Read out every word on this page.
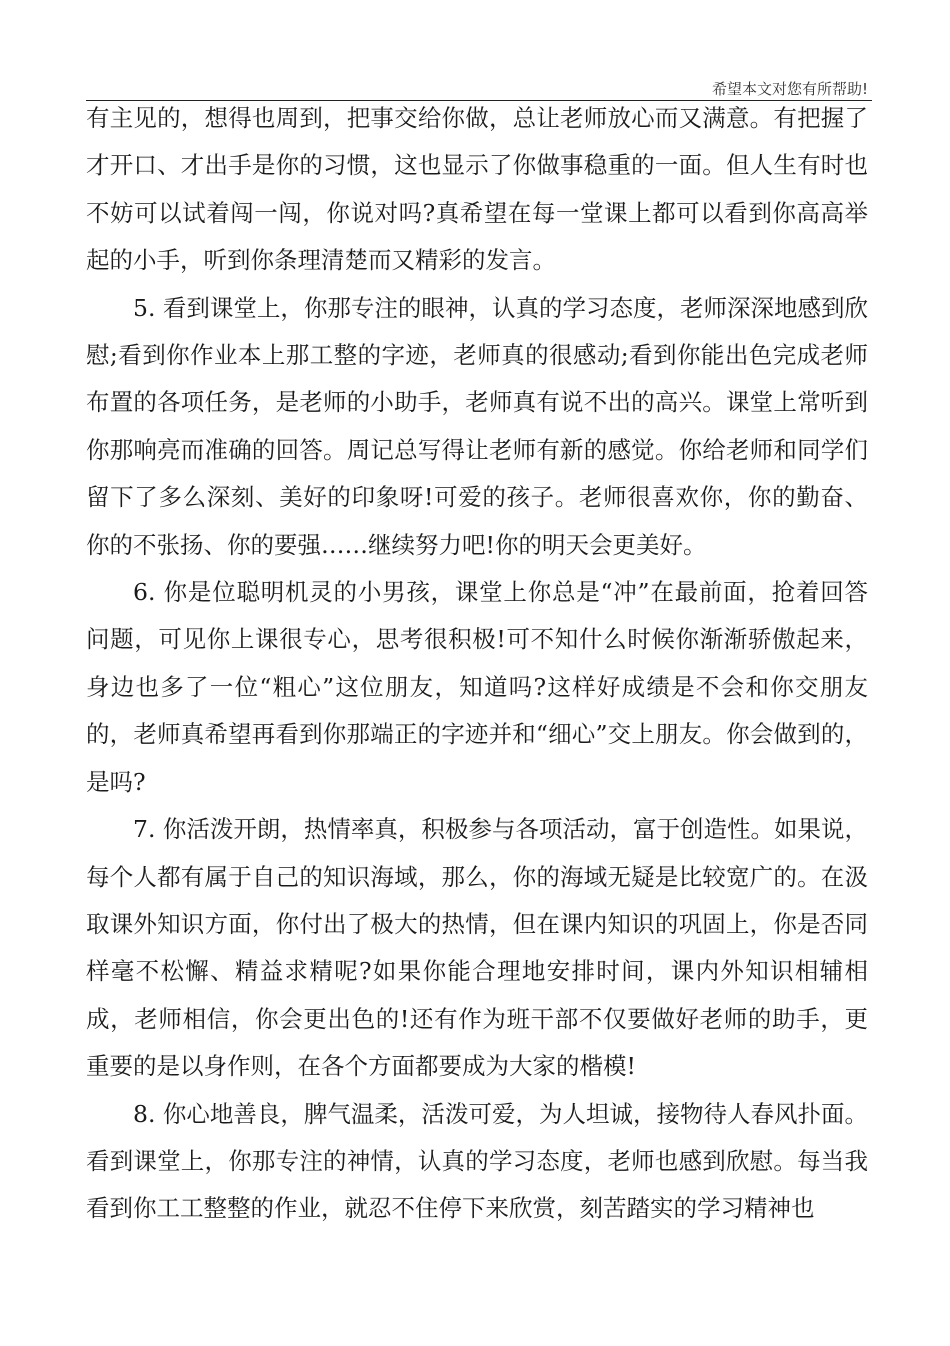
希望本文对您有所帮助!

有主见的，想得也周到，把事交给你做，总让老师放心而又满意。有把握了才开口、才出手是你的习惯，这也显示了你做事稳重的一面。但人生有时也不妨可以试着闯一闯，你说对吗?真希望在每一堂课上都可以看到你高高举起的小手，听到你条理清楚而又精彩的发言。

5. 看到课堂上，你那专注的眼神，认真的学习态度，老师深深地感到欣慰;看到你作业本上那工整的字迹，老师真的很感动;看到你能出色完成老师布置的各项任务，是老师的小助手，老师真有说不出的高兴。课堂上常听到你那响亮而准确的回答。周记总写得让老师有新的感觉。你给老师和同学们留下了多么深刻、美好的印象呀!可爱的孩子。老师很喜欢你，你的勤奋、你的不张扬、你的要强……继续努力吧!你的明天会更美好。

6. 你是位聪明机灵的小男孩，课堂上你总是“冲”在最前面，抢着回答问题，可见你上课很专心，思考很积极!可不知什么时候你渐渐骄傲起来，身边也多了一位“粗心”这位朋友，知道吗?这样好成绩是不会和你交朋友的，老师真希望再看到你那端正的字迹并和“细心”交上朋友。你会做到的，是吗?

7. 你活泼开朗，热情率真，积极参与各项活动，富于创造性。如果说，每个人都有属于自己的知识海域，那么，你的海域无疑是比较宽广的。在汲取课外知识方面，你付出了极大的热情，但在课内知识的巩固上，你是否同样毫不松懈、精益求精呢?如果你能合理地安排时间，课内外知识相辅相成，老师相信，你会更出色的!还有作为班干部不仅要做好老师的助手，更重要的是以身作则，在各个方面都要成为大家的楷模!

8. 你心地善良，脾气温柔，活泼可爱，为人坦诚，接物待人春风扑面。看到课堂上，你那专注的神情，认真的学习态度，老师也感到欣慰。每当我看到你工工整整的作业，就忍不住停下来欣赏，刻苦踏实的学习精神也
